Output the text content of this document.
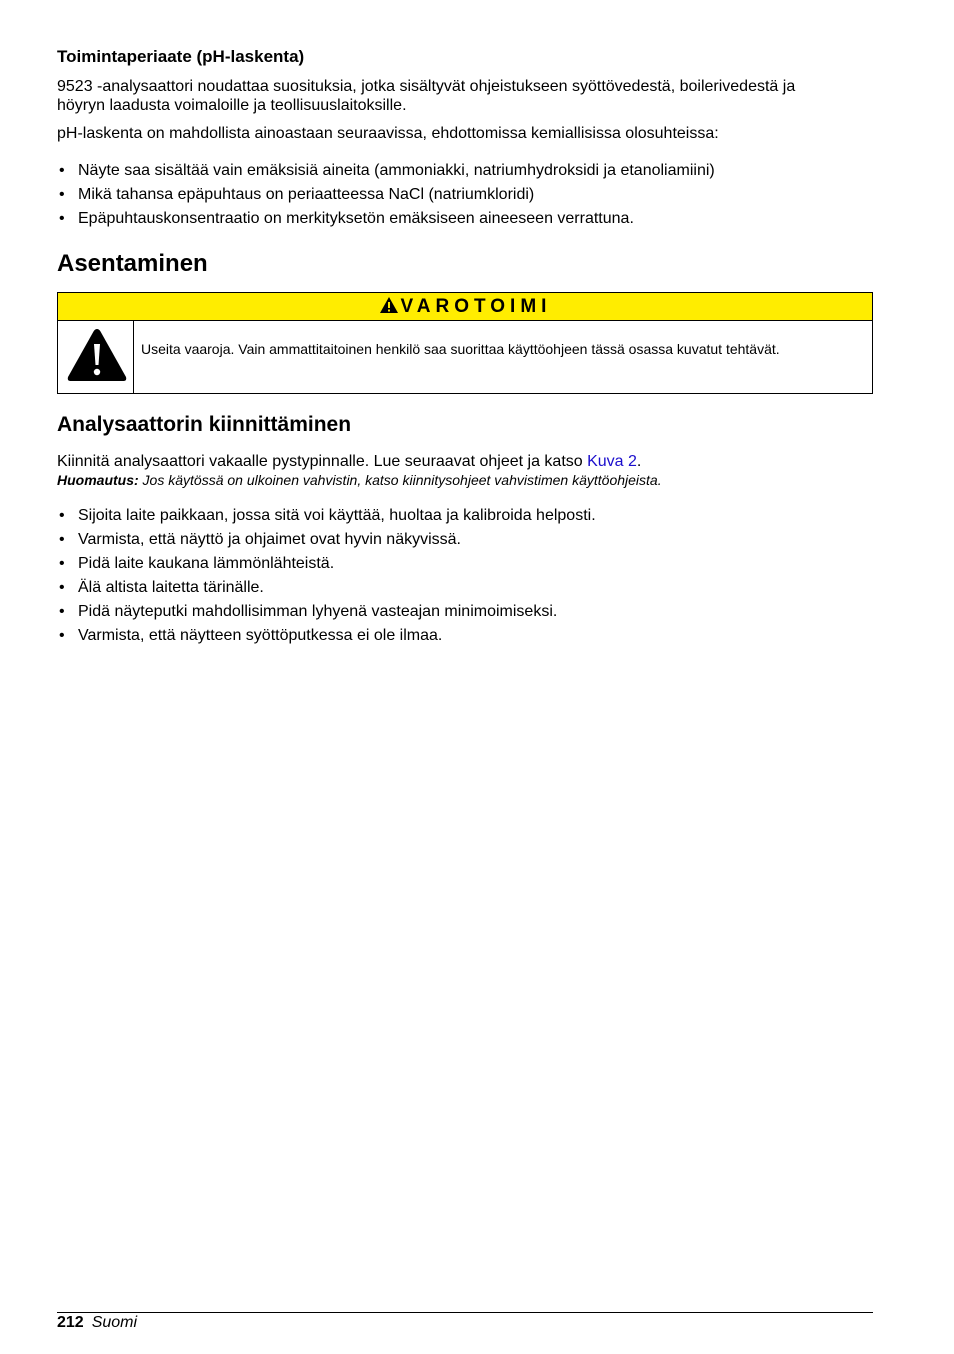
Toimintaperiaate (pH-laskenta)

9523 -analysaattori noudattaa suosituksia, jotka sisältyvät ohjeistukseen syöttövedestä, boilerivedestä ja höyryn laadusta voimaloille ja teollisuuslaitoksille.

pH-laskenta on mahdollista ainoastaan seuraavissa, ehdottomissa kemiallisissa olosuhteissa:

• Näyte saa sisältää vain emäksisiä aineita (ammoniakki, natriumhydroksidi ja etanoliamiini)
• Mikä tahansa epäpuhtaus on periaatteessa NaCl (natriumkloridi)
• Epäpuhtauskonsentraatio on merkityksetön emäksiseen aineeseen verrattuna.
Asentaminen
VAROTOIMI
Useita vaaroja. Vain ammattitaitoinen henkilö saa suorittaa käyttöohjeen tässä osassa kuvatut tehtävät.
Analysaattorin kiinnittäminen

Kiinnitä analysaattori vakaalle pystypinnalle. Lue seuraavat ohjeet ja katso Kuva 2.

Huomautus: Jos käytössä on ulkoinen vahvistin, katso kiinnitysohjeet vahvistimen käyttöohjeista.

• Sijoita laite paikkaan, jossa sitä voi käyttää, huoltaa ja kalibroida helposti.
• Varmista, että näyttö ja ohjaimet ovat hyvin näkyvissä.
• Pidä laite kaukana lämmönlähteistä.
• Älä altista laitetta tärinälle.
• Pidä näyteputki mahdollisimman lyhyenä vasteajan minimoimiseksi.
• Varmista, että näytteen syöttöputkessa ei ole ilmaa.
212 Suomi
